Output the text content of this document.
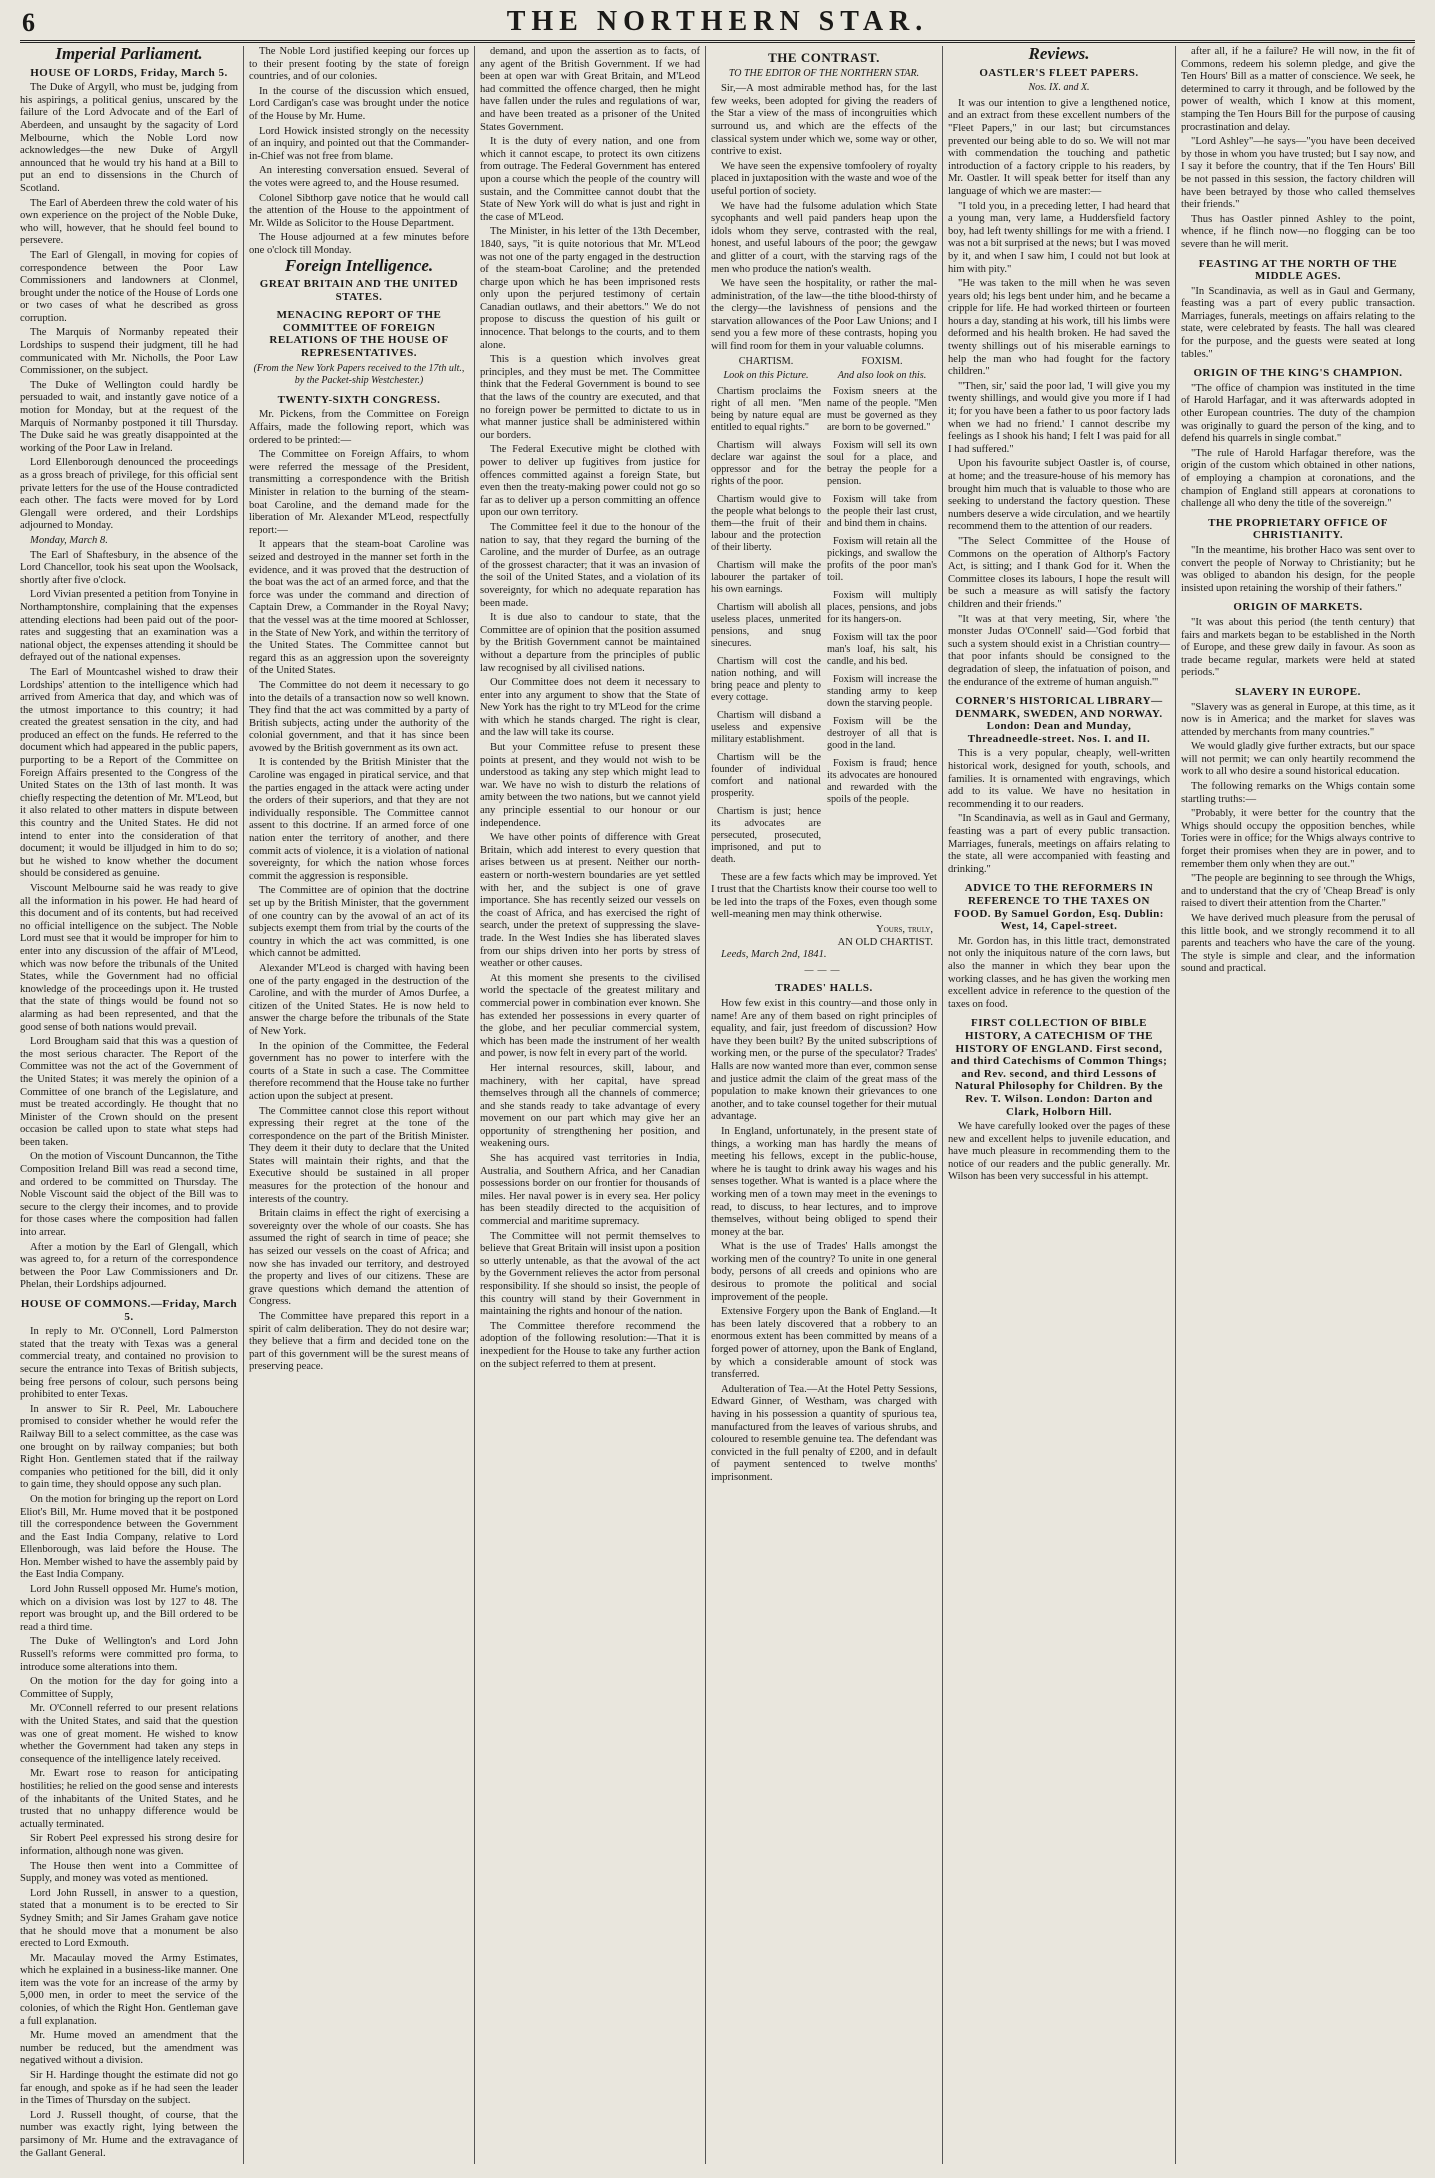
6	THE NORTHERN STAR.
Imperial Parliament.
HOUSE OF LORDS, Friday, March 5.

The Duke of Argyll, who must be, judging from his aspirings, a political genius, unscared by the failure of the Lord Advocate and of the Earl of Aberdeen, and unsaught by the sagacity of Lord Melbourne, which the Noble Lord now acknowledges—the new Duke of Argyll announced that he would try his hand at a Bill to put an end to dissensions in the Church of Scotland.

The Earl of Aberdeen threw the cold water of his own experience on the project of the Noble Duke, who will, however, that he should feel bound to persevere.

The Earl of Glengall, in moving for copies of correspondence between the Poor Law Commissioners and landowners at Clonmel, brought under the notice of the House of Lords one or two cases of what he described as gross corruption.

The Marquis of Normanby repeated their Lordships to suspend their judgment, till he had communicated with Mr. Nicholls, the Poor Law Commissioner, on the subject.

The Duke of Wellington could hardly be persuaded to wait, and instantly gave notice of a motion for Monday, but at the request of the Marquis of Normanby postponed it till Thursday. The Duke said he was greatly disappointed at the working of the Poor Law in Ireland.

Lord Ellenborough denounced the proceedings as a gross breach of privilege, for this official sent private letters for the use of the House contradicted each other. The facts were moved for by Lord Glengall were ordered, and their Lordships adjourned to Monday.

Monday, March 8.

The Earl of Shaftesbury, in the absence of the Lord Chancellor, took his seat upon the Woolsack, shortly after five o'clock.

Lord Vivian presented a petition from Tonyine in Northamptonshire, complaining that the expenses attending elections had been paid out of the poor-rates and suggesting that an examination was a national object, the expenses attending it should be defrayed out of the national expenses.

The Earl of Mountcashel wished to draw their Lordships' attention to the intelligence which had arrived from America that day, and which was of the utmost importance to this country; it had created the greatest sensation in the city, and had produced an effect on the funds. He referred to the document which had appeared in the public papers, purporting to be a Report of the Committee on Foreign Affairs presented to the Congress of the United States on the 13th of last month. It was chiefly respecting the detention of Mr. M'Leod, but it also related to other matters in dispute between this country and the United States. He did not intend to enter into the consideration of that document; it would be illjudged in him to do so; but he wished to know whether the document should be considered as genuine.

Viscount Melbourne said he was ready to give all the information in his power. He had heard of this document and of its contents, but had received no official intelligence on the subject. The Noble Lord must see that it would be improper for him to enter into any discussion of the affair of M'Leod, which was now before the tribunals of the United States, while the Government had no official knowledge of the proceedings upon it. He trusted that the state of things would be found not so alarming as had been represented, and that the good sense of both nations would prevail.

Lord Brougham said that this was a question of the most serious character. The Report of the Committee was not the act of the Government of the United States; it was merely the opinion of a Committee of one branch of the Legislature, and must be treated accordingly. He thought that no Minister of the Crown should on the present occasion be called upon to state what steps had been taken.

On the motion of Viscount Duncannon, the Tithe Composition Ireland Bill was read a second time, and ordered to be committed on Thursday. The Noble Viscount said the object of the Bill was to secure to the clergy their incomes, and to provide for those cases where the composition had fallen into arrear.

After a motion by the Earl of Glengall, which was agreed to, for a return of the correspondence between the Poor Law Commissioners and Dr. Phelan, their Lordships adjourned.

HOUSE OF COMMONS.—Friday, March 5.

In reply to Mr. O'Connell, Lord Palmerston stated that the treaty with Texas was a general commercial treaty, and contained no provision to secure the entrance into Texas of British subjects, being free persons of colour, such persons being prohibited to enter Texas.

In answer to Sir R. Peel, Mr. Labouchere promised to consider whether he would refer the Railway Bill to a select committee, as the case was one brought on by railway companies; but both Right Hon. Gentlemen stated that if the railway companies who petitioned for the bill, did it only to gain time, they should oppose any such plan.

On the motion for bringing up the report on Lord Eliot's Bill, Mr. Hume moved that it be postponed till the correspondence between the Government and the East India Company, relative to Lord Ellenborough, was laid before the House. The Hon. Member wished to have the assembly paid by the East India Company.

Lord John Russell opposed Mr. Hume's motion, which on a division was lost by 127 to 48. The report was brought up, and the Bill ordered to be read a third time.

The Duke of Wellington's and Lord John Russell's reforms were committed pro forma, to introduce some alterations into them.

On the motion for the day for going into a Committee of Supply,

Mr. O'Connell referred to our present relations with the United States, and said that the question was one of great moment. He wished to know whether the Government had taken any steps in consequence of the intelligence lately received.

Mr. Ewart rose to reason for anticipating hostilities; he relied on the good sense and interests of the inhabitants of the United States, and he trusted that no unhappy difference would be actually terminated.

Sir Robert Peel expressed his strong desire for information, although none was given.

The House then went into a Committee of Supply, and money was voted as mentioned.

Lord John Russell, in answer to a question, stated that a monument is to be erected to Sir Sydney Smith; and Sir James Graham gave notice that he should move that a monument be also erected to Lord Exmouth.

Mr. Macaulay moved the Army Estimates, which he explained in a business-like manner. One item was the vote for an increase of the army by 5,000 men, in order to meet the service of the colonies, of which the Right Hon. Gentleman gave a full explanation.

Mr. Hume moved an amendment that the number be reduced, but the amendment was negatived without a division.

Sir H. Hardinge thought the estimate did not go far enough, and spoke as if he had seen the leader in the Times of Thursday on the subject.

Lord J. Russell thought, of course, that the number was exactly right, lying between the parsimony of Mr. Hume and the extravagance of the Gallant General.

The Noble Lord justified keeping our forces up to their present footing by the state of foreign countries, and of our colonies.

In the course of the discussion which ensued, Lord Cardigan's case was brought under the notice of the House by Mr. Hume.

Lord Howick insisted strongly on the necessity of an inquiry, and pointed out that the Commander-in-Chief was not free from blame.

An interesting conversation ensued. Several of the votes were agreed to, and the House resumed.

Colonel Sibthorp gave notice that he would call the attention of the House to the appointment of Mr. Wilde as Solicitor to the House Department.

The House adjourned at a few minutes before one o'clock till Monday.

Foreign Intelligence.
GREAT BRITAIN AND THE UNITED STATES.
MENACING REPORT OF THE COMMITTEE OF FOREIGN RELATIONS OF THE HOUSE OF REPRESENTATIVES.
(From the New York Papers received to the 17th ult., by the Packet-ship Westchester.)
TWENTY-SIXTH CONGRESS.

Mr. Pickens, from the Committee on Foreign Affairs, made the following report, which was ordered to be printed:—

The Committee on Foreign Affairs, to whom were referred the message of the President, transmitting a correspondence with the British Minister in relation to the burning of the steam-boat Caroline, and the demand made for the liberation of Mr. Alexander M'Leod, respectfully report:—

It appears that the steam-boat Caroline was seized and destroyed in the manner set forth in the evidence, and it was proved that the destruction of the boat was the act of an armed force, and that the force was under the command and direction of Captain Drew, a Commander in the Royal Navy; that the vessel was at the time moored at Schlosser, in the State of New York, and within the territory of the United States. The Committee cannot but regard this as an aggression upon the sovereignty of the United States.

The Committee do not deem it necessary to go into the details of a transaction now so well known. They find that the act was committed by a party of British subjects, acting under the authority of the colonial government, and that it has since been avowed by the British government as its own act.

It is contended by the British Minister that the Caroline was engaged in piratical service, and that the parties engaged in the attack were acting under the orders of their superiors, and that they are not individually responsible. The Committee cannot assent to this doctrine. If an armed force of one nation enter the territory of another, and there commit acts of violence, it is a violation of national sovereignty, for which the nation whose forces commit the aggression is responsible.

The Committee are of opinion that the doctrine set up by the British Minister, that the government of one country can by the avowal of an act of its subjects exempt them from trial by the courts of the country in which the act was committed, is one which cannot be admitted.

Alexander M'Leod is charged with having been one of the party engaged in the destruction of the Caroline, and with the murder of Amos Durfee, a citizen of the United States. He is now held to answer the charge before the tribunals of the State of New York.

In the opinion of the Committee, the Federal government has no power to interfere with the courts of a State in such a case. The Committee therefore recommend that the House take no further action upon the subject at present.

The Committee cannot close this report without expressing their regret at the tone of the correspondence on the part of the British Minister. They deem it their duty to declare that the United States will maintain their rights, and that the Executive should be sustained in all proper measures for the protection of the honour and interests of the country.

Britain claims in effect the right of exercising a sovereignty over the whole of our coasts. She has assumed the right of search in time of peace; she has seized our vessels on the coast of Africa; and now she has invaded our territory, and destroyed the property and lives of our citizens. These are grave questions which demand the attention of Congress.

The Committee have prepared this report in a spirit of calm deliberation. They do not desire war; they believe that a firm and decided tone on the part of this government will be the surest means of preserving peace.

demand, and upon the assertion as to facts, of any agent of the British Government. If we had been at open war with Great Britain, and M'Leod had committed the offence charged, then he might have fallen under the rules and regulations of war, and have been treated as a prisoner of the United States Government.

It is the duty of every nation, and one from which it cannot escape, to protect its own citizens from outrage. The Federal Government has entered upon a course which the people of the country will sustain, and the Committee cannot doubt that the State of New York will do what is just and right in the case of M'Leod.

The Minister, in his letter of the 13th December, 1840, says, "it is quite notorious that Mr. M'Leod was not one of the party engaged in the destruction of the steam-boat Caroline; and the pretended charge upon which he has been imprisoned rests only upon the perjured testimony of certain Canadian outlaws, and their abettors." We do not propose to discuss the question of his guilt or innocence. That belongs to the courts, and to them alone.

This is a question which involves great principles, and they must be met. The Committee think that the Federal Government is bound to see that the laws of the country are executed, and that no foreign power be permitted to dictate to us in what manner justice shall be administered within our borders.

The Federal Executive might be clothed with power to deliver up fugitives from justice for offences committed against a foreign State, but even then the treaty-making power could not go so far as to deliver up a person committing an offence upon our own territory.

The Committee feel it due to the honour of the nation to say, that they regard the burning of the Caroline, and the murder of Durfee, as an outrage of the grossest character; that it was an invasion of the soil of the United States, and a violation of its sovereignty, for which no adequate reparation has been made.

It is due also to candour to state, that the Committee are of opinion that the position assumed by the British Government cannot be maintained without a departure from the principles of public law recognised by all civilised nations.

Our Committee does not deem it necessary to enter into any argument to show that the State of New York has the right to try M'Leod for the crime with which he stands charged. The right is clear, and the law will take its course.

But your Committee refuse to present these points at present, and they would not wish to be understood as taking any step which might lead to war. We have no wish to disturb the relations of amity between the two nations, but we cannot yield any principle essential to our honour or our independence.

We have other points of difference with Great Britain, which add interest to every question that arises between us at present. Neither our north-eastern or north-western boundaries are yet settled with her, and the subject is one of grave importance. She has recently seized our vessels on the coast of Africa, and has exercised the right of search, under the pretext of suppressing the slave-trade. In the West Indies she has liberated slaves from our ships driven into her ports by stress of weather or other causes.

At this moment she presents to the civilised world the spectacle of the greatest military and commercial power in combination ever known. She has extended her possessions in every quarter of the globe, and her peculiar commercial system, which has been made the instrument of her wealth and power, is now felt in every part of the world.

Her internal resources, skill, labour, and machinery, with her capital, have spread themselves through all the channels of commerce; and she stands ready to take advantage of every movement on our part which may give her an opportunity of strengthening her position, and weakening ours.

She has acquired vast territories in India, Australia, and Southern Africa, and her Canadian possessions border on our frontier for thousands of miles. Her naval power is in every sea. Her policy has been steadily directed to the acquisition of commercial and maritime supremacy.

The Committee will not permit themselves to believe that Great Britain will insist upon a position so utterly untenable, as that the avowal of the act by the Government relieves the actor from personal responsibility. If she should so insist, the people of this country will stand by their Government in maintaining the rights and honour of the nation.

The Committee therefore recommend the adoption of the following resolution:—That it is inexpedient for the House to take any further action on the subject referred to them at present.

THE CONTRAST.
TO THE EDITOR OF THE NORTHERN STAR.

Sir,—A most admirable method has, for the last few weeks, been adopted for giving the readers of the Star a view of the mass of incongruities which surround us, and which are the effects of the classical system under which we, some way or other, contrive to exist.

We have seen the expensive tomfoolery of royalty placed in juxtaposition with the waste and woe of the useful portion of society.

We have had the fulsome adulation which State sycophants and well paid panders heap upon the idols whom they serve, contrasted with the real, honest, and useful labours of the poor; the gewgaw and glitter of a court, with the starving rags of the men who produce the nation's wealth.

We have seen the hospitality, or rather the mal-administration, of the law—the tithe blood-thirsty of the clergy—the lavishness of pensions and the starvation allowances of the Poor Law Unions; and I send you a few more of these contrasts, hoping you will find room for them in your valuable columns.

CHARTISM.
Look on this Picture.

Chartism proclaims the right of all men. "Men being by nature equal are entitled to equal rights."

Chartism will always declare war against the oppressor and for the rights of the poor.

Chartism would give to the people what belongs to them—the fruit of their labour and the protection of their liberty.

Chartism will make the labourer the partaker of his own earnings.

Chartism will abolish all useless places, unmerited pensions, and snug sinecures.

Chartism will cost the nation nothing, and will bring peace and plenty to every cottage.

Chartism will disband a useless and expensive military establishment.

Chartism will be the founder of individual comfort and national prosperity.

Chartism is just; hence its advocates are persecuted, prosecuted, imprisoned, and put to death.

FOXISM.
And also look on this.

Foxism sneers at the name of the people. "Men must be governed as they are born to be governed."

Foxism will sell its own soul for a place, and betray the people for a pension.

Foxism will take from the people their last crust, and bind them in chains.

Foxism will retain all the pickings, and swallow the profits of the poor man's toil.

Foxism will multiply places, pensions, and jobs for its hangers-on.

Foxism will tax the poor man's loaf, his salt, his candle, and his bed.

Foxism will increase the standing army to keep down the starving people.

Foxism will be the destroyer of all that is good in the land.

Foxism is fraud; hence its advocates are honoured and rewarded with the spoils of the people.

These are a few facts which may be improved. Yet I trust that the Chartists know their course too well to be led into the traps of the Foxes, even though some well-meaning men may think otherwise.

Yours, truly,
AN OLD CHARTIST.

Leeds, March 2nd, 1841.

———
TRADES' HALLS.

How few exist in this country—and those only in name! Are any of them based on right principles of equality, and fair, just freedom of discussion? How have they been built? By the united subscriptions of working men, or the purse of the speculator? Trades' Halls are now wanted more than ever, common sense and justice admit the claim of the great mass of the population to make known their grievances to one another, and to take counsel together for their mutual advantage.

In England, unfortunately, in the present state of things, a working man has hardly the means of meeting his fellows, except in the public-house, where he is taught to drink away his wages and his senses together. What is wanted is a place where the working men of a town may meet in the evenings to read, to discuss, to hear lectures, and to improve themselves, without being obliged to spend their money at the bar.

What is the use of Trades' Halls amongst the working men of the country? To unite in one general body, persons of all creeds and opinions who are desirous to promote the political and social improvement of the people.

Extensive Forgery upon the Bank of England.—It has been lately discovered that a robbery to an enormous extent has been committed by means of a forged power of attorney, upon the Bank of England, by which a considerable amount of stock was transferred.

Adulteration of Tea.—At the Hotel Petty Sessions, Edward Ginner, of Westham, was charged with having in his possession a quantity of spurious tea, manufactured from the leaves of various shrubs, and coloured to resemble genuine tea. The defendant was convicted in the full penalty of £200, and in default of payment sentenced to twelve months' imprisonment.

Reviews.
OASTLER'S FLEET PAPERS.
Nos. IX. and X.

It was our intention to give a lengthened notice, and an extract from these excellent numbers of the "Fleet Papers," in our last; but circumstances prevented our being able to do so. We will not mar with commendation the touching and pathetic introduction of a factory cripple to his readers, by Mr. Oastler. It will speak better for itself than any language of which we are master:—

"I told you, in a preceding letter, I had heard that a young man, very lame, a Huddersfield factory boy, had left twenty shillings for me with a friend. I was not a bit surprised at the news; but I was moved by it, and when I saw him, I could not but look at him with pity."

"He was taken to the mill when he was seven years old; his legs bent under him, and he became a cripple for life. He had worked thirteen or fourteen hours a day, standing at his work, till his limbs were deformed and his health broken. He had saved the twenty shillings out of his miserable earnings to help the man who had fought for the factory children."

"'Then, sir,' said the poor lad, 'I will give you my twenty shillings, and would give you more if I had it; for you have been a father to us poor factory lads when we had no friend.' I cannot describe my feelings as I shook his hand; I felt I was paid for all I had suffered."

Upon his favourite subject Oastler is, of course, at home; and the treasure-house of his memory has brought him much that is valuable to those who are seeking to understand the factory question. These numbers deserve a wide circulation, and we heartily recommend them to the attention of our readers.

"The Select Committee of the House of Commons on the operation of Althorp's Factory Act, is sitting; and I thank God for it. When the Committee closes its labours, I hope the result will be such a measure as will satisfy the factory children and their friends."

"It was at that very meeting, Sir, where 'the monster Judas O'Connell' said—'God forbid that such a system should exist in a Christian country—that poor infants should be consigned to the degradation of sleep, the infatuation of poison, and the endurance of the extreme of human anguish.'"

CORNER'S HISTORICAL LIBRARY—DENMARK, SWEDEN, AND NORWAY. London: Dean and Munday, Threadneedle-street. Nos. I. and II.

This is a very popular, cheaply, well-written historical work, designed for youth, schools, and families. It is ornamented with engravings, which add to its value. We have no hesitation in recommending it to our readers.

"In Scandinavia, as well as in Gaul and Germany, feasting was a part of every public transaction. Marriages, funerals, meetings on affairs relating to the state, all were accompanied with feasting and drinking."

ADVICE TO THE REFORMERS IN REFERENCE TO THE TAXES ON FOOD. By Samuel Gordon, Esq. Dublin: West, 14, Capel-street.

Mr. Gordon has, in this little tract, demonstrated not only the iniquitous nature of the corn laws, but also the manner in which they bear upon the working classes, and he has given the working men excellent advice in reference to the question of the taxes on food.

FIRST COLLECTION OF BIBLE HISTORY, A CATECHISM OF THE HISTORY OF ENGLAND. First second, and third Catechisms of Common Things; and Rev. second, and third Lessons of Natural Philosophy for Children. By the Rev. T. Wilson. London: Darton and Clark, Holborn Hill.

We have carefully looked over the pages of these new and excellent helps to juvenile education, and have much pleasure in recommending them to the notice of our readers and the public generally. Mr. Wilson has been very successful in his attempt.

after all, if he a failure? He will now, in the fit of Commons, redeem his solemn pledge, and give the Ten Hours' Bill as a matter of conscience. We seek, he determined to carry it through, and be followed by the power of wealth, which I know at this moment, stamping the Ten Hours Bill for the purpose of causing procrastination and delay.

"Lord Ashley"—he says—"you have been deceived by those in whom you have trusted; but I say now, and I say it before the country, that if the Ten Hours' Bill be not passed in this session, the factory children will have been betrayed by those who called themselves their friends."

Thus has Oastler pinned Ashley to the point, whence, if he flinch now—no flogging can be too severe than he will merit.

FEASTING AT THE NORTH OF THE MIDDLE AGES.

"In Scandinavia, as well as in Gaul and Germany, feasting was a part of every public transaction. Marriages, funerals, meetings on affairs relating to the state, were celebrated by feasts. The hall was cleared for the purpose, and the guests were seated at long tables."

ORIGIN OF THE KING'S CHAMPION.

"The office of champion was instituted in the time of Harold Harfagar, and it was afterwards adopted in other European countries. The duty of the champion was originally to guard the person of the king, and to defend his quarrels in single combat."

"The rule of Harold Harfagar therefore, was the origin of the custom which obtained in other nations, of employing a champion at coronations, and the champion of England still appears at coronations to challenge all who deny the title of the sovereign."

THE PROPRIETARY OFFICE OF CHRISTIANITY.

"In the meantime, his brother Haco was sent over to convert the people of Norway to Christianity; but he was obliged to abandon his design, for the people insisted upon retaining the worship of their fathers."

ORIGIN OF MARKETS.

"It was about this period (the tenth century) that fairs and markets began to be established in the North of Europe, and these grew daily in favour. As soon as trade became regular, markets were held at stated periods."

SLAVERY IN EUROPE.

"Slavery was as general in Europe, at this time, as it now is in America; and the market for slaves was attended by merchants from many countries."

We would gladly give further extracts, but our space will not permit; we can only heartily recommend the work to all who desire a sound historical education.

The following remarks on the Whigs contain some startling truths:—

"Probably, it were better for the country that the Whigs should occupy the opposition benches, while Tories were in office; for the Whigs always contrive to forget their promises when they are in power, and to remember them only when they are out."

"The people are beginning to see through the Whigs, and to understand that the cry of 'Cheap Bread' is only raised to divert their attention from the Charter."

We have derived much pleasure from the perusal of this little book, and we strongly recommend it to all parents and teachers who have the care of the young. The style is simple and clear, and the information sound and practical.
